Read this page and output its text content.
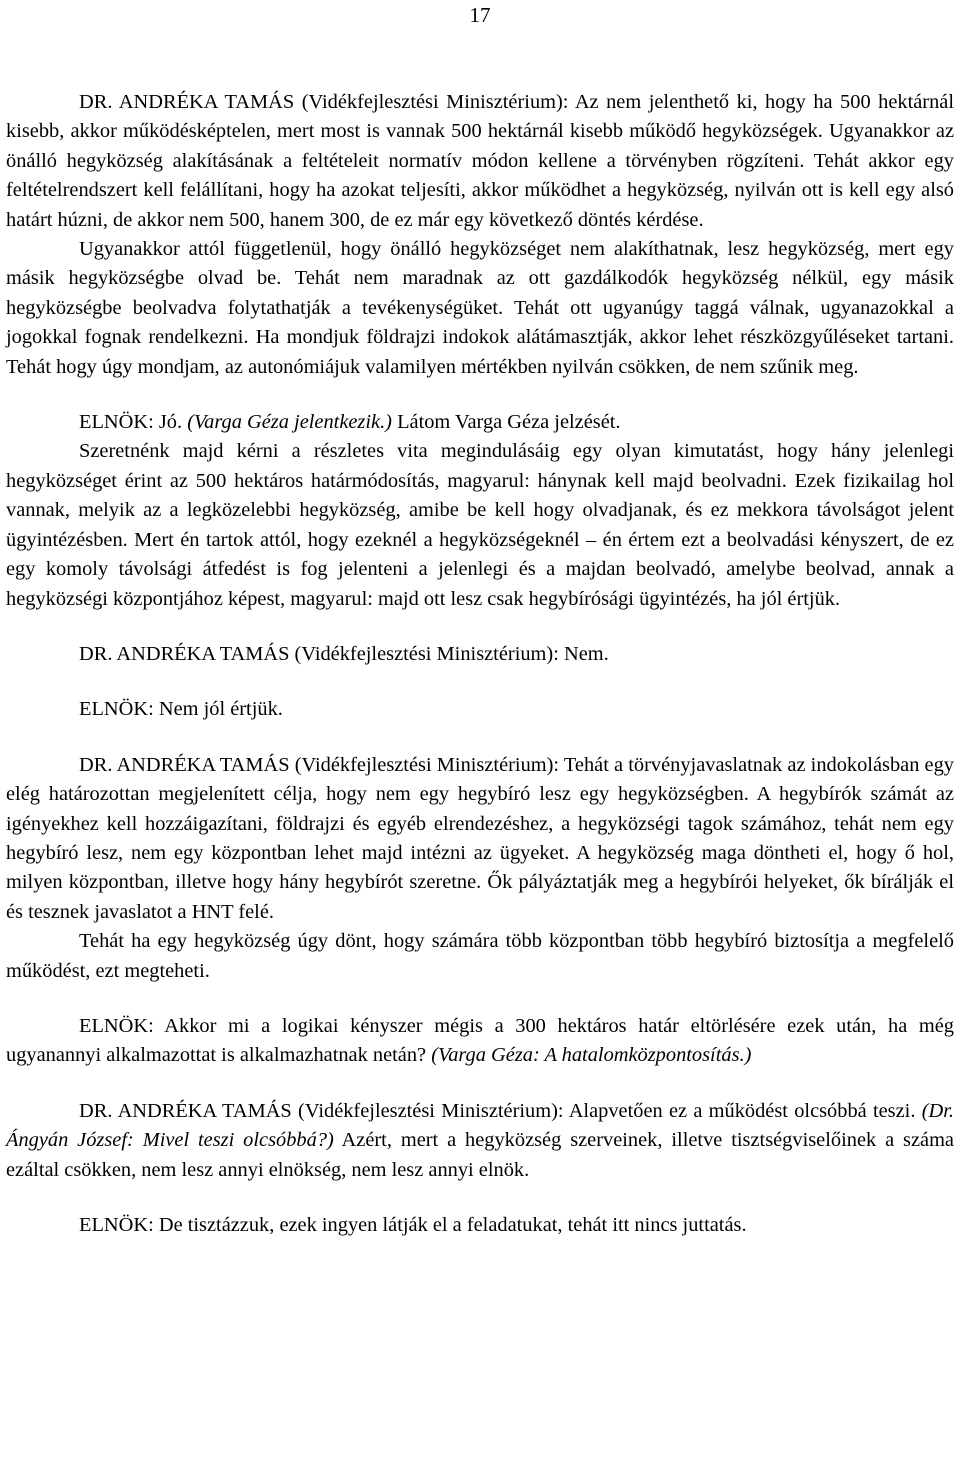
17

DR. ANDRÉKA TAMÁS (Vidékfejlesztési Minisztérium): Az nem jelenthető ki, hogy ha 500 hektárnál kisebb, akkor működésképtelen, mert most is vannak 500 hektárnál kisebb működő hegyközségek. Ugyanakkor az önálló hegyközség alakításának a feltételeit normatív módon kellene a törvényben rögzíteni. Tehát akkor egy feltételrendszert kell felállítani, hogy ha azokat teljesíti, akkor működhet a hegyközség, nyilván ott is kell egy alsó határt húzni, de akkor nem 500, hanem 300, de ez már egy következő döntés kérdése.

Ugyanakkor attól függetlenül, hogy önálló hegyközséget nem alakíthatnak, lesz hegyközség, mert egy másik hegyközségbe olvad be. Tehát nem maradnak az ott gazdálkodók hegyközség nélkül, egy másik hegyközségbe beolvadva folytathatják a tevékenységüket. Tehát ott ugyanúgy taggá válnak, ugyanazokkal a jogokkal fognak rendelkezni. Ha mondjuk földrajzi indokok alátámasztják, akkor lehet részközgyűléseket tartani. Tehát hogy úgy mondjam, az autonómiájuk valamilyen mértékben nyilván csökken, de nem szűnik meg.

ELNÖK: Jó. (Varga Géza jelentkezik.) Látom Varga Géza jelzését.

Szeretnénk majd kérni a részletes vita megindulásáig egy olyan kimutatást, hogy hány jelenlegi hegyközséget érint az 500 hektáros határmódosítás, magyarul: hánynak kell majd beolvadni. Ezek fizikailag hol vannak, melyik az a legközelebbi hegyközség, amibe be kell hogy olvadjanak, és ez mekkora távolságot jelent ügyintézésben. Mert én tartok attól, hogy ezeknél a hegyközségeknél – én értem ezt a beolvadási kényszert, de ez egy komoly távolsági átfedést is fog jelenteni a jelenlegi és a majdan beolvadó, amelybe beolvad, annak a hegyközségi központjához képest, magyarul: majd ott lesz csak hegybírósági ügyintézés, ha jól értjük.

DR. ANDRÉKA TAMÁS (Vidékfejlesztési Minisztérium): Nem.

ELNÖK: Nem jól értjük.

DR. ANDRÉKA TAMÁS (Vidékfejlesztési Minisztérium): Tehát a törvényjavaslatnak az indokolásban egy elég határozottan megjelenített célja, hogy nem egy hegybíró lesz egy hegyközségben. A hegybírók számát az igényekhez kell hozzáigazítani, földrajzi és egyéb elrendezéshez, a hegyközségi tagok számához, tehát nem egy hegybíró lesz, nem egy központban lehet majd intézni az ügyeket. A hegyközség maga döntheti el, hogy ő hol, milyen központban, illetve hogy hány hegybírót szeretne. Ők pályáztatják meg a hegybírói helyeket, ők bírálják el és tesznek javaslatot a HNT felé.

Tehát ha egy hegyközség úgy dönt, hogy számára több központban több hegybíró biztosítja a megfelelő működést, ezt megteheti.

ELNÖK: Akkor mi a logikai kényszer mégis a 300 hektáros határ eltörlésére ezek után, ha még ugyanannyi alkalmazottat is alkalmazhatnak netán? (Varga Géza: A hatalomközpontosítás.)

DR. ANDRÉKA TAMÁS (Vidékfejlesztési Minisztérium): Alapvetően ez a működést olcsóbbá teszi. (Dr. Ángyán József: Mivel teszi olcsóbbá?) Azért, mert a hegyközség szerveinek, illetve tisztségviselőinek a száma ezáltal csökken, nem lesz annyi elnökség, nem lesz annyi elnök.

ELNÖK: De tisztázzuk, ezek ingyen látják el a feladatukat, tehát itt nincs juttatás.
